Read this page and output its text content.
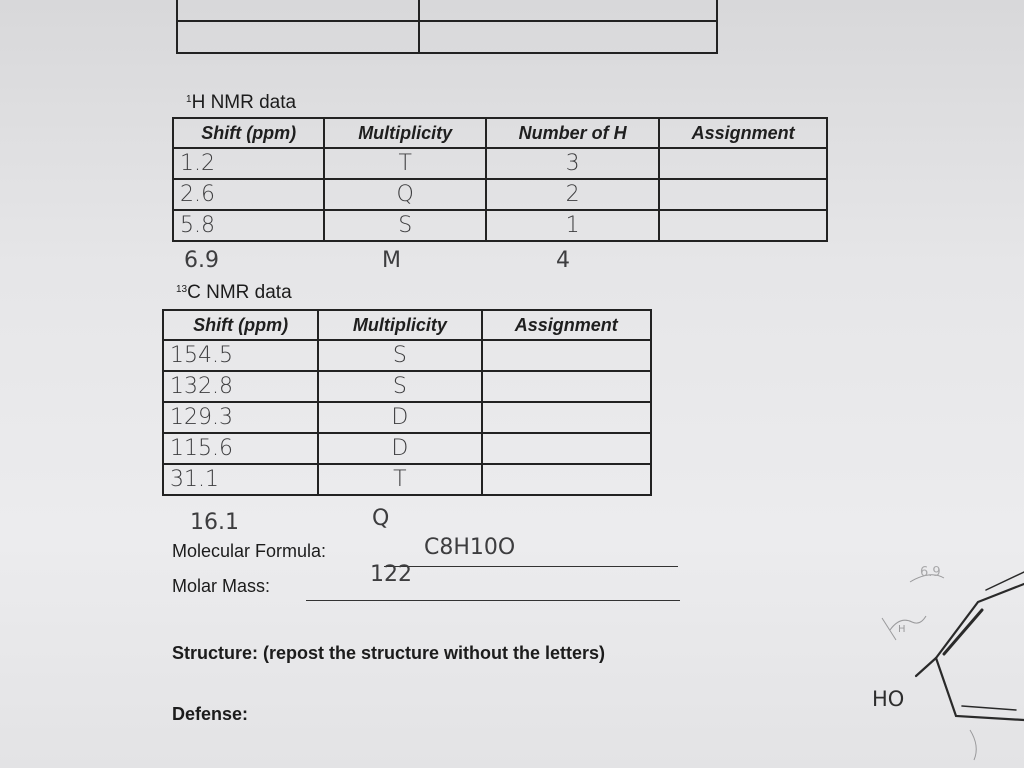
$^1$H NMR data
Shift (ppm)	Multiplicity	Number of H	Assignment
1.2	T	3	
2.6	Q	2	
5.8	S	1	
6.9	M	4
$^{13}$C NMR data
Shift (ppm)	Multiplicity	Assignment
154.5	S	
132.8	S	
129.3	D	
115.6	D	
31.1	T	
16.1	Q
Molecular Formula:	C8H10O
Molar Mass:	122
Structure: (repost the structure without the letters)
Defense:
H
6.9
HO
